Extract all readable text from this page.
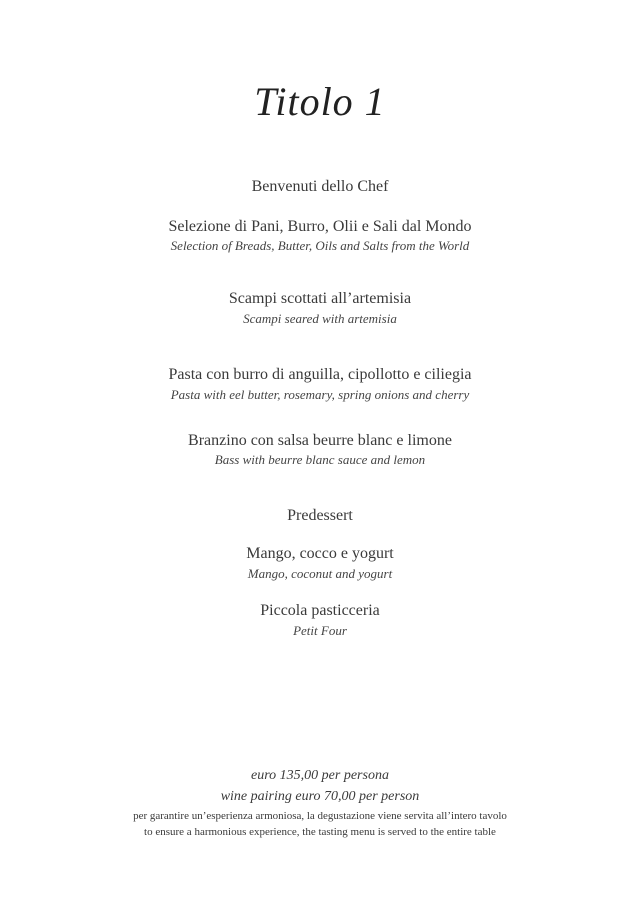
Titolo 1
Benvenuti dello Chef
Selezione di Pani, Burro, Olii e Sali dal Mondo
Selection of Breads, Butter, Oils and Salts from the World
Scampi scottati all’artemisia
Scampi seared with artemisia
Pasta con burro di anguilla, cipollotto e ciliegia
Pasta with eel butter, rosemary, spring onions and cherry
Branzino con salsa beurre blanc e limone
Bass with beurre blanc sauce and lemon
Predessert
Mango, cocco e yogurt
Mango, coconut and yogurt
Piccola pasticceria
Petit Four
euro 135,00 per persona
wine pairing euro 70,00 per person
per garantire un’esperienza armoniosa, la degustazione viene servita all’intero tavolo
to ensure a harmonious experience, the tasting menu is served to the entire table
